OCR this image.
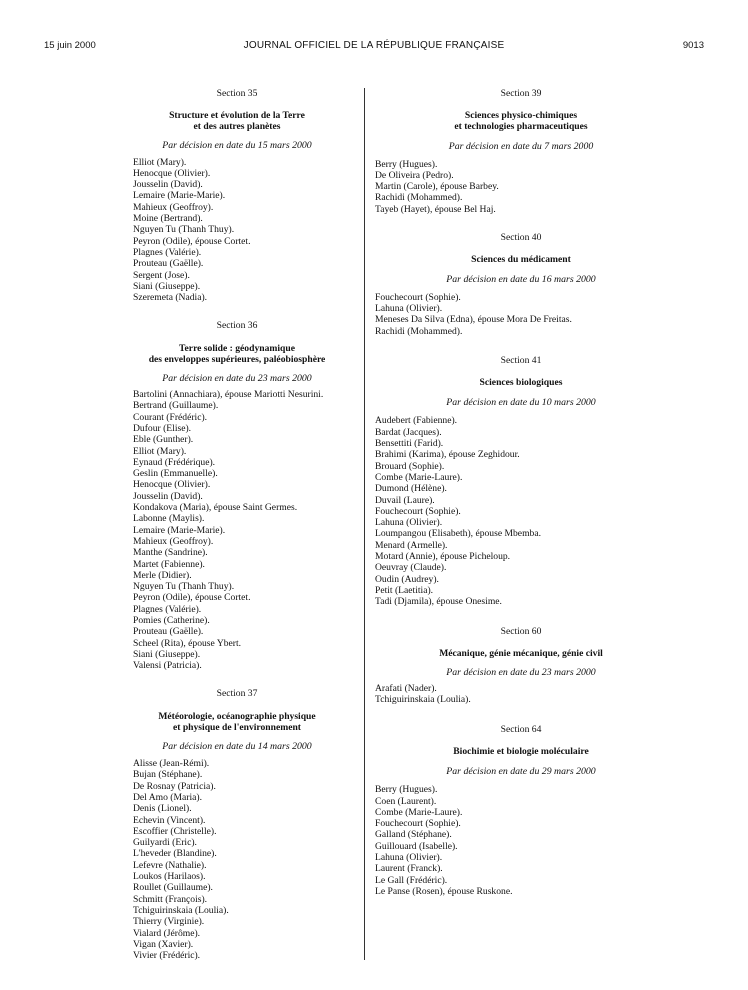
15 juin 2000	JOURNAL OFFICIEL DE LA RÉPUBLIQUE FRANÇAISE	9013

Section 35

Structure et évolution de la Terre
et des autres planètes

Par décision en date du 15 mars 2000

Elliot (Mary).
Henocque (Olivier).
Jousselin (David).
Lemaire (Marie-Marie).
Mahieux (Geoffroy).
Moine (Bertrand).
Nguyen Tu (Thanh Thuy).
Peyron (Odile), épouse Cortet.
Plagnes (Valérie).
Prouteau (Gaëlle).
Sergent (Jose).
Siani (Giuseppe).
Szeremeta (Nadia).

Section 36

Terre solide : géodynamique
des enveloppes supérieures, paléobiosphère

Par décision en date du 23 mars 2000

Bartolini (Annachiara), épouse Mariotti Nesurini.
Bertrand (Guillaume).
Courant (Frédéric).
Dufour (Elise).
Eble (Gunther).
Elliot (Mary).
Eynaud (Frédérique).
Geslin (Emmanuelle).
Henocque (Olivier).
Jousselin (David).
Kondakova (Maria), épouse Saint Germes.
Labonne (Maylis).
Lemaire (Marie-Marie).
Mahieux (Geoffroy).
Manthe (Sandrine).
Martet (Fabienne).
Merle (Didier).
Nguyen Tu (Thanh Thuy).
Peyron (Odile), épouse Cortet.
Plagnes (Valérie).
Pomies (Catherine).
Prouteau (Gaëlle).
Scheel (Rita), épouse Ybert.
Siani (Giuseppe).
Valensi (Patricia).

Section 37

Météorologie, océanographie physique
et physique de l'environnement

Par décision en date du 14 mars 2000

Alisse (Jean-Rémi).
Bujan (Stéphane).
De Rosnay (Patricia).
Del Amo (Maria).
Denis (Lionel).
Echevin (Vincent).
Escoffier (Christelle).
Guilyardi (Eric).
L'heveder (Blandine).
Lefevre (Nathalie).
Loukos (Harilaos).
Roullet (Guillaume).
Schmitt (François).
Tchiguirinskaia (Loulia).
Thierry (Virginie).
Vialard (Jérôme).
Vigan (Xavier).
Vivier (Frédéric).

Section 39

Sciences physico-chimiques
et technologies pharmaceutiques

Par décision en date du 7 mars 2000

Berry (Hugues).
De Oliveira (Pedro).
Martin (Carole), épouse Barbey.
Rachidi (Mohammed).
Tayeb (Hayet), épouse Bel Haj.

Section 40

Sciences du médicament

Par décision en date du 16 mars 2000

Fouchecourt (Sophie).
Lahuna (Olivier).
Meneses Da Silva (Edna), épouse Mora De Freitas.
Rachidi (Mohammed).

Section 41

Sciences biologiques

Par décision en date du 10 mars 2000

Audebert (Fabienne).
Bardat (Jacques).
Bensettiti (Farid).
Brahimi (Karima), épouse Zeghidour.
Brouard (Sophie).
Combe (Marie-Laure).
Dumond (Hélène).
Duvail (Laure).
Fouchecourt (Sophie).
Lahuna (Olivier).
Loumpangou (Elisabeth), épouse Mbemba.
Menard (Armelle).
Motard (Annie), épouse Picheloup.
Oeuvray (Claude).
Oudin (Audrey).
Petit (Laetitia).
Tadi (Djamila), épouse Onesime.

Section 60

Mécanique, génie mécanique, génie civil

Par décision en date du 23 mars 2000

Arafati (Nader).
Tchiguirinskaia (Loulia).

Section 64

Biochimie et biologie moléculaire

Par décision en date du 29 mars 2000

Berry (Hugues).
Coen (Laurent).
Combe (Marie-Laure).
Fouchecourt (Sophie).
Galland (Stéphane).
Guillouard (Isabelle).
Lahuna (Olivier).
Laurent (Franck).
Le Gall (Frédéric).
Le Panse (Rosen), épouse Ruskone.
